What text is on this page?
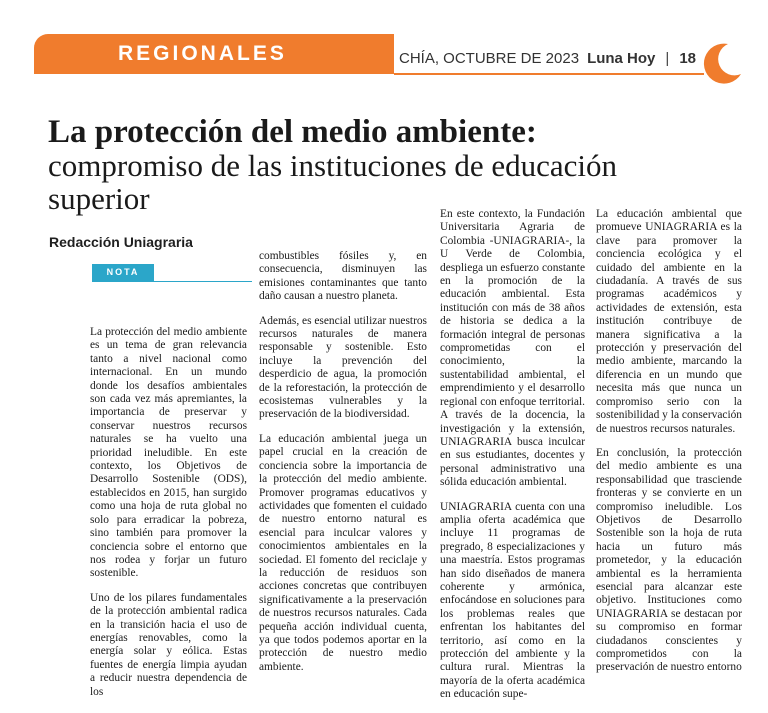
REGIONALES	CHÍA, OCTUBRE DE 2023 Luna Hoy | 18
La protección del medio ambiente:
compromiso de las instituciones de educación superior
Redacción Uniagraria
NOTA

La protección del medio ambiente es un tema de gran relevancia tanto a nivel nacional como internacional. En un mundo donde los desafíos ambientales son cada vez más apremiantes, la importancia de preservar y conservar nuestros recursos naturales se ha vuelto una prioridad ineludible. En este contexto, los Objetivos de Desarrollo Sostenible (ODS), establecidos en 2015, han surgido como una hoja de ruta global no solo para erradicar la pobreza, sino también para promover la conciencia sobre el entorno que nos rodea y forjar un futuro sostenible.

Uno de los pilares fundamentales de la protección ambiental radica en la transición hacia el uso de energías renovables, como la energía solar y eólica. Estas fuentes de energía limpia ayudan a reducir nuestra dependencia de los

combustibles fósiles y, en consecuencia, disminuyen las emisiones contaminantes que tanto daño causan a nuestro planeta.

Además, es esencial utilizar nuestros recursos naturales de manera responsable y sostenible. Esto incluye la prevención del desperdicio de agua, la promoción de la reforestación, la protección de ecosistemas vulnerables y la preservación de la biodiversidad.

La educación ambiental juega un papel crucial en la creación de conciencia sobre la importancia de la protección del medio ambiente. Promover programas educativos y actividades que fomenten el cuidado de nuestro entorno natural es esencial para inculcar valores y conocimientos ambientales en la sociedad. El fomento del reciclaje y la reducción de residuos son acciones concretas que contribuyen significativamente a la preservación de nuestros recursos naturales. Cada pequeña acción individual cuenta, ya que todos podemos aportar en la protección de nuestro medio ambiente.

En este contexto, la Fundación Universitaria Agraria de Colombia -UNIAGRARIA-, la U Verde de Colombia, despliega un esfuerzo constante en la promoción de la educación ambiental. Esta institución con más de 38 años de historia se dedica a la formación integral de personas comprometidas con el conocimiento, la sustentabilidad ambiental, el emprendimiento y el desarrollo regional con enfoque territorial. A través de la docencia, la investigación y la extensión, UNIAGRARIA busca inculcar en sus estudiantes, docentes y personal administrativo una sólida educación ambiental.

UNIAGRARIA cuenta con una amplia oferta académica que incluye 11 programas de pregrado, 8 especializaciones y una maestría. Estos programas han sido diseñados de manera coherente y armónica, enfocándose en soluciones para los problemas reales que enfrentan los habitantes del territorio, así como en la protección del ambiente y la cultura rural. Mientras la mayoría de la oferta académica en educación supe-

La educación ambiental que promueve UNIAGRARIA es la clave para promover la conciencia ecológica y el cuidado del ambiente en la ciudadanía. A través de sus programas académicos y actividades de extensión, esta institución contribuye de manera significativa a la protección y preservación del medio ambiente, marcando la diferencia en un mundo que necesita más que nunca un compromiso serio con la sostenibilidad y la conservación de nuestros recursos naturales.

En conclusión, la protección del medio ambiente es una responsabilidad que trasciende fronteras y se convierte en un compromiso ineludible. Los Objetivos de Desarrollo Sostenible son la hoja de ruta hacia un futuro más prometedor, y la educación ambiental es la herramienta esencial para alcanzar este objetivo. Instituciones como UNIAGRARIA se destacan por su compromiso en formar ciudadanos conscientes y comprometidos con la preservación de nuestro entorno
